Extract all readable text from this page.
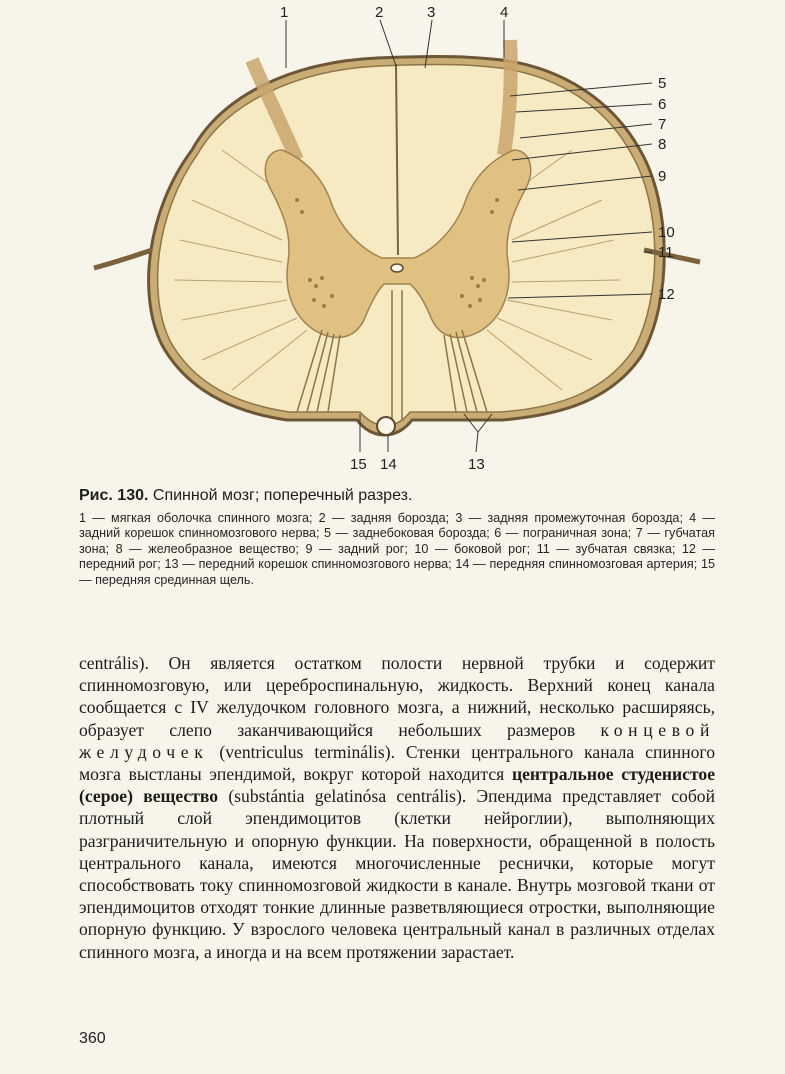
1	2	3	4
5
6
7
8
9
10
11
12
13
14
15

Рис. 130. Спинной мозг; поперечный разрез.

1 — мягкая оболочка спинного мозга; 2 — задняя борозда; 3 — задняя промежуточная борозда; 4 — задний корешок спинномозгового нерва; 5 — заднебоковая борозда; 6 — пограничная зона; 7 — губчатая зона; 8 — желеобразное вещество; 9 — задний рог; 10 — боковой рог; 11 — зубчатая связка; 12 — передний рог; 13 — передний корешок спинномозгового нерва; 14 — передняя спинномозговая артерия; 15 — передняя срединная щель.

centrális). Он является остатком полости нервной трубки и содержит спинномозговую, или цереброспинальную, жидкость. Верхний конец канала сообщается с IV желудочком головного мозга, а нижний, несколько расширяясь, образует слепо заканчивающийся небольших размеров концевой желудочек (ventriculus terminális). Стенки центрального канала спинного мозга выстланы эпендимой, вокруг которой находится центральное студенистое (серое) вещество (substántia gelatinósa centrális). Эпендима представляет собой плотный слой эпендимоцитов (клетки нейроглии), выполняющих разграничительную и опорную функции. На поверхности, обращенной в полость центрального канала, имеются многочисленные реснички, которые могут способствовать току спинномозговой жидкости в канале. Внутрь мозговой ткани от эпендимоцитов отходят тонкие длинные разветвляющиеся отростки, выполняющие опорную функцию. У взрослого человека центральный канал в различных отделах спинного мозга, а иногда и на всем протяжении зарастает.

360
